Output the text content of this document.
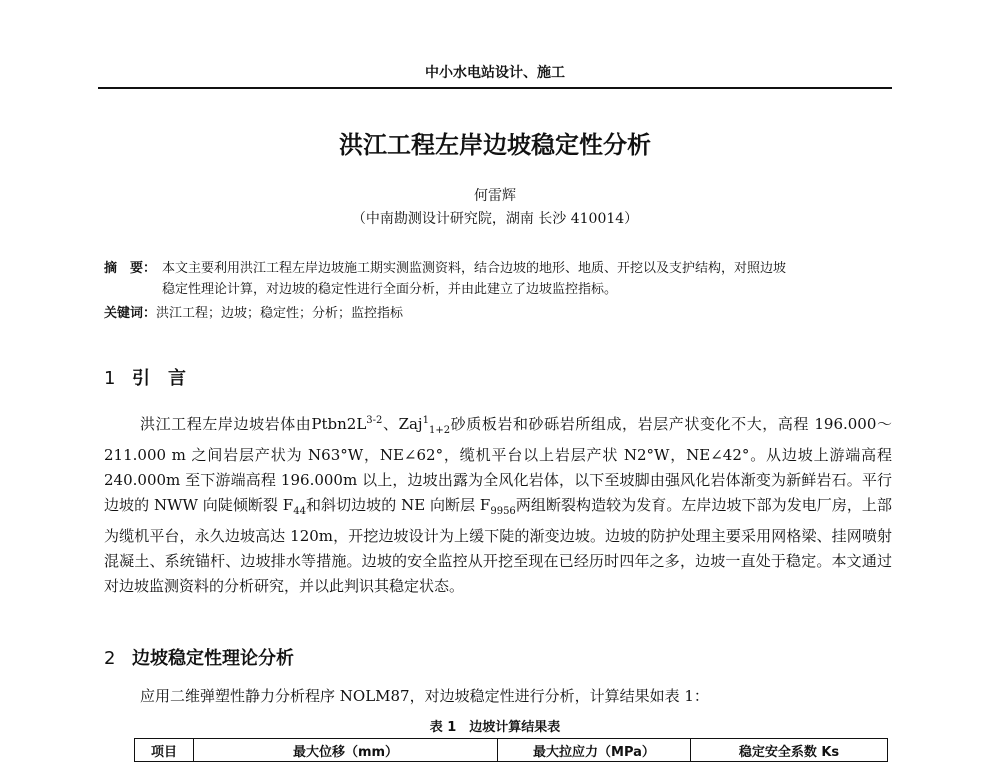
中小水电站设计、施工
洪江工程左岸边坡稳定性分析
何雷辉
（中南勘测设计研究院，湖南 长沙 410014）
摘　要： 本文主要利用洪江工程左岸边坡施工期实测监测资料，结合边坡的地形、地质、开挖以及支护结构，对照边坡
稳定性理论计算，对边坡的稳定性进行全面分析，并由此建立了边坡监控指标。
关键词：洪江工程；边坡；稳定性；分析；监控指标
1 引　言

洪江工程左岸边坡岩体由$Ptbn2L^{3-2}$、Zaj$^1_{1+2}$砂质板岩和砂砾岩所组成，岩层产状变化不大，高程 196.000～211.000 m 之间岩层产状为 N63°W，NE∠62°，缆机平台以上岩层产状 N2°W，NE∠42°。从边坡上游端高程 240.000m 至下游端高程 196.000m 以上，边坡出露为全风化岩体，以下至坡脚由强风化岩体渐变为新鲜岩石。平行边坡的 NWW 向陡倾断裂 $F_{44}$和斜切边坡的 NE 向断层 $F_{9956}$两组断裂构造较为发育。左岸边坡下部为发电厂房，上部为缆机平台，永久边坡高达 120m，开挖边坡设计为上缓下陡的渐变边坡。边坡的防护处理主要采用网格梁、挂网喷射混凝土、系统锚杆、边坡排水等措施。边坡的安全监控从开挖至现在已经历时四年之多，边坡一直处于稳定。本文通过对边坡监测资料的分析研究，并以此判识其稳定状态。

2 边坡稳定性理论分析

应用二维弹塑性静力分析程序 NOLM87，对边坡稳定性进行分析，计算结果如表 1：

表 1　边坡计算结果表
项目	最大位移（mm）	最大拉应力（MPa）	稳定安全系数 Ks
